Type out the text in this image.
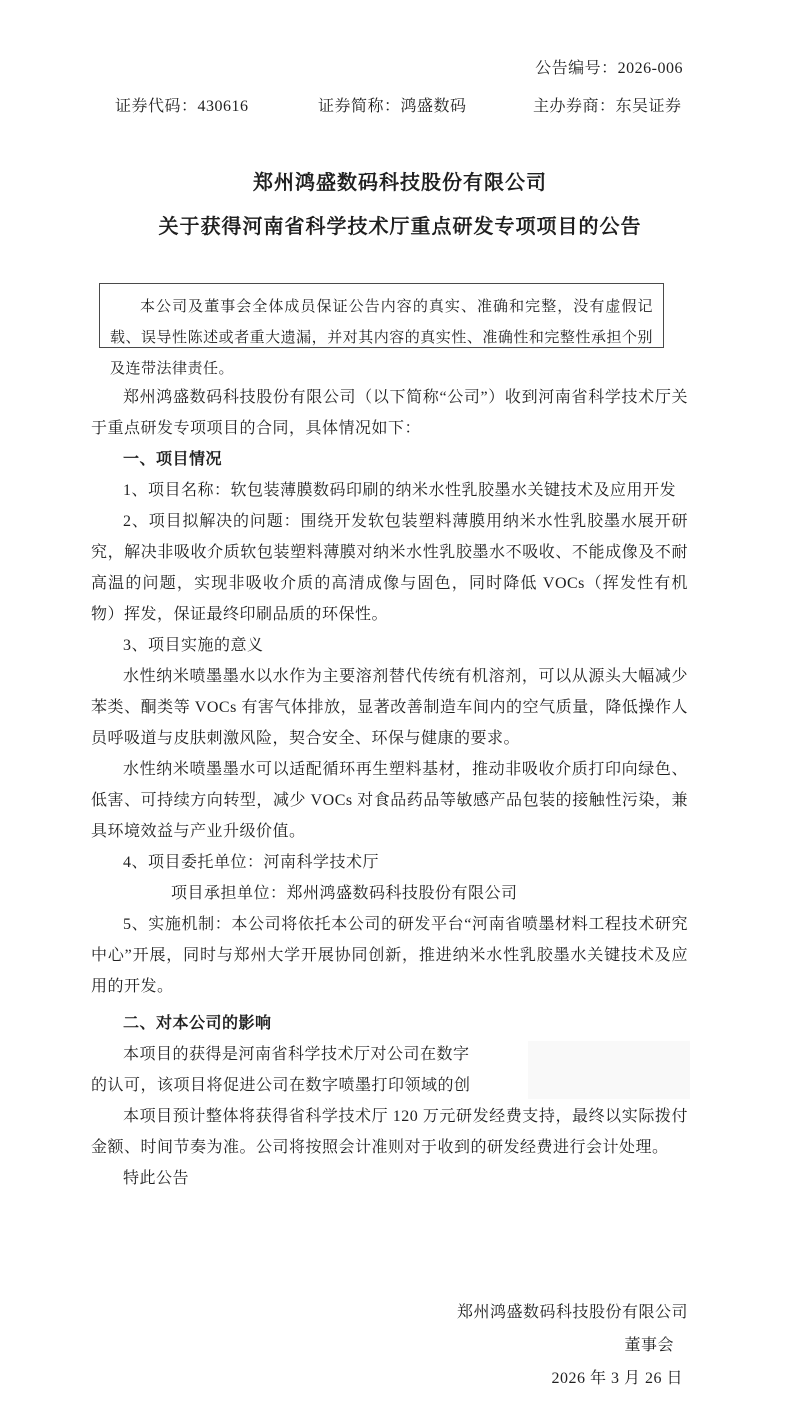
公告编号：2026-006
证券代码：430616	证券简称：鸿盛数码	主办券商：东吴证券
郑州鸿盛数码科技股份有限公司
关于获得河南省科学技术厅重点研发专项项目的公告

本公司及董事会全体成员保证公告内容的真实、准确和完整，没有虚假记载、误导性陈述或者重大遗漏，并对其内容的真实性、准确性和完整性承担个别及连带法律责任。

郑州鸿盛数码科技股份有限公司（以下简称“公司”）收到河南省科学技术厅关于重点研发专项项目的合同，具体情况如下：

一、项目情况

1、项目名称：软包装薄膜数码印刷的纳米水性乳胶墨水关键技术及应用开发

2、项目拟解决的问题：围绕开发软包装塑料薄膜用纳米水性乳胶墨水展开研究，解决非吸收介质软包装塑料薄膜对纳米水性乳胶墨水不吸收、不能成像及不耐高温的问题，实现非吸收介质的高清成像与固色，同时降低 VOCs（挥发性有机物）挥发，保证最终印刷品质的环保性。

3、项目实施的意义

水性纳米喷墨墨水以水作为主要溶剂替代传统有机溶剂，可以从源头大幅减少苯类、酮类等 VOCs 有害气体排放，显著改善制造车间内的空气质量，降低操作人员呼吸道与皮肤刺激风险，契合安全、环保与健康的要求。

水性纳米喷墨墨水可以适配循环再生塑料基材，推动非吸收介质打印向绿色、低害、可持续方向转型，减少 VOCs 对食品药品等敏感产品包装的接触性污染，兼具环境效益与产业升级价值。

4、项目委托单位：河南科学技术厅

项目承担单位：郑州鸿盛数码科技股份有限公司

5、实施机制：本公司将依托本公司的研发平台“河南省喷墨材料工程技术研究中心”开展，同时与郑州大学开展协同创新，推进纳米水性乳胶墨水关键技术及应用的开发。

二、对本公司的影响

本项目的获得是河南省科学技术厅对公司在数字

的认可，该项目将促进公司在数字喷墨打印领域的创

本项目预计整体将获得省科学技术厅 120 万元研发经费支持，最终以实际拨付金额、时间节奏为准。公司将按照会计准则对于收到的研发经费进行会计处理。

特此公告

郑州鸿盛数码科技股份有限公司

董事会

2026 年 3 月 26 日
